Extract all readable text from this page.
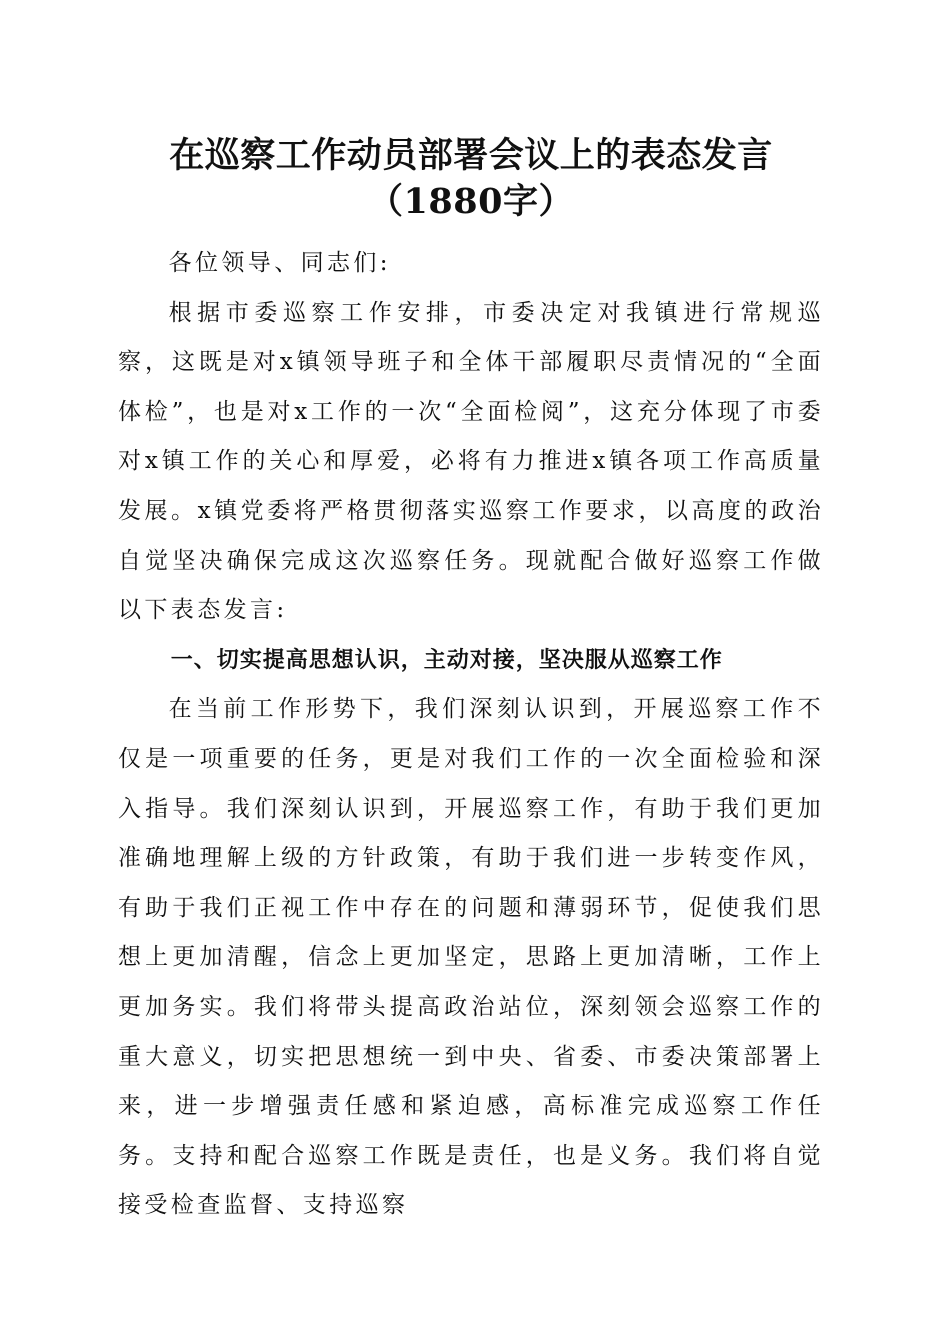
在巡察工作动员部署会议上的表态发言（1880字）

各位领导、同志们:

根据市委巡察工作安排，市委决定对我镇进行常规巡察，这既是对x镇领导班子和全体干部履职尽责情况的“全面体检”，也是对x工作的一次“全面检阅”，这充分体现了市委对x镇工作的关心和厚爱，必将有力推进x镇各项工作高质量发展。x镇党委将严格贯彻落实巡察工作要求，以高度的政治自觉坚决确保完成这次巡察任务。现就配合做好巡察工作做以下表态发言:

一、切实提高思想认识，主动对接，坚决服从巡察工作

在当前工作形势下，我们深刻认识到，开展巡察工作不仅是一项重要的任务，更是对我们工作的一次全面检验和深入指导。我们深刻认识到，开展巡察工作，有助于我们更加准确地理解上级的方针政策，有助于我们进一步转变作风，有助于我们正视工作中存在的问题和薄弱环节，促使我们思想上更加清醒，信念上更加坚定，思路上更加清晰，工作上更加务实。我们将带头提高政治站位，深刻领会巡察工作的重大意义，切实把思想统一到中央、省委、市委决策部署上来，进一步增强责任感和紧迫感，高标准完成巡察工作任务。支持和配合巡察工作既是责任，也是义务。我们将自觉接受检查监督、支持巡察
